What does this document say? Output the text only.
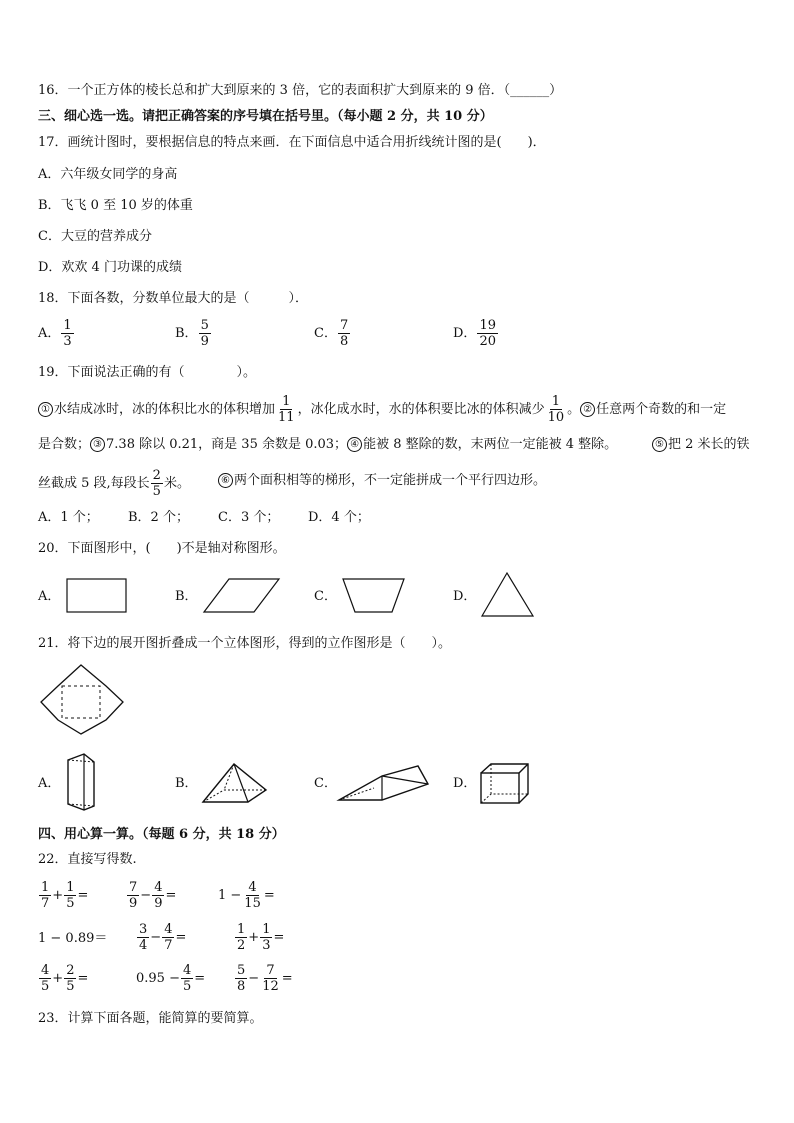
16．一个正方体的棱长总和扩大到原来的 3 倍，它的表面积扩大到原来的 9 倍．（______）
三、细心选一选。请把正确答案的序号填在括号里。（每小题 2 分，共 10 分）
17．画统计图时，要根据信息的特点来画．在下面信息中适合用折线统计图的是(　　)．
A．六年级女同学的身高
B．飞飞 0 至 10 岁的体重
C．大豆的营养成分
D．欢欢 4 门功课的成绩
18．下面各数，分数单位最大的是（　　　）．
A． $\frac{1}{3}$	B． $\frac{5}{9}$	C． $\frac{7}{8}$	D． $\frac{19}{20}$
19．下面说法正确的有（　　　　）。
① 水结成冰时，冰的体积比水的体积增加 $\frac{1}{11}$ ，冰化成水时，水的体积要比冰的体积减少 $\frac{1}{10}$ 。 ② 任意两个奇数的和一定
是合数； ③ 7.38 除以 0.21，商是 35 余数是 0.03； ④ 能被 8 整除的数，末两位一定能被 4 整除。	⑤ 把 2 米长的铁
丝截成 5 段,每段长 $\frac{2}{5}$ 米。	⑥ 两个面积相等的梯形，不一定能拼成一个平行四边形。
A．1 个； B．2 个； C．3 个； D．4 个；
20．下面图形中，(　　)不是轴对称图形。
A．	B．	C．	D．
21．将下边的展开图折叠成一个立体图形，得到的立作图形是（　　）。
A．	B．	C．	D．
四、用心算一算。（每题 6 分，共 18 分）
22．直接写得数.
$\frac{1}{7} + \frac{1}{5}$ =	$\frac{7}{9} - \frac{4}{9}$ =	$1 - \frac{4}{15}$ =
$1 - 0.89= \frac{3}{4} - \frac{4}{7}$ =	$\frac{1}{2} + \frac{1}{3}$ =
$\frac{4}{5} + \frac{2}{5}$ =	$0.95 - \frac{4}{5} = \frac{5}{8} - \frac{7}{12}$ =
23．计算下面各题，能简算的要简算。
